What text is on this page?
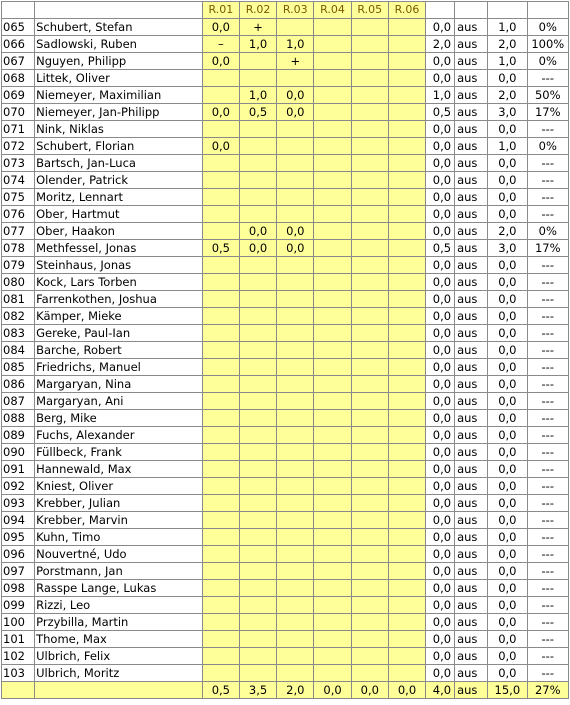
		R.01	R.02	R.03	R.04	R.05	R.06				
065	Schubert, Stefan	0,0	+					0,0	aus	1,0	0%
066	Sadlowski, Ruben	–	1,0	1,0				2,0	aus	2,0	100%
067	Nguyen, Philipp	0,0		+				0,0	aus	1,0	0%
068	Littek, Oliver							0,0	aus	0,0	---
069	Niemeyer, Maximilian		1,0	0,0				1,0	aus	2,0	50%
070	Niemeyer, Jan-Philipp	0,0	0,5	0,0				0,5	aus	3,0	17%
071	Nink, Niklas							0,0	aus	0,0	---
072	Schubert, Florian	0,0						0,0	aus	1,0	0%
073	Bartsch, Jan-Luca							0,0	aus	0,0	---
074	Olender, Patrick							0,0	aus	0,0	---
075	Moritz, Lennart							0,0	aus	0,0	---
076	Ober, Hartmut							0,0	aus	0,0	---
077	Ober, Haakon		0,0	0,0				0,0	aus	2,0	0%
078	Methfessel, Jonas	0,5	0,0	0,0				0,5	aus	3,0	17%
079	Steinhaus, Jonas							0,0	aus	0,0	---
080	Kock, Lars Torben							0,0	aus	0,0	---
081	Farrenkothen, Joshua							0,0	aus	0,0	---
082	Kämper, Mieke							0,0	aus	0,0	---
083	Gereke, Paul-Ian							0,0	aus	0,0	---
084	Barche, Robert							0,0	aus	0,0	---
085	Friedrichs, Manuel							0,0	aus	0,0	---
086	Margaryan, Nina							0,0	aus	0,0	---
087	Margaryan, Ani							0,0	aus	0,0	---
088	Berg, Mike							0,0	aus	0,0	---
089	Fuchs, Alexander							0,0	aus	0,0	---
090	Füllbeck, Frank							0,0	aus	0,0	---
091	Hannewald, Max							0,0	aus	0,0	---
092	Kniest, Oliver							0,0	aus	0,0	---
093	Krebber, Julian							0,0	aus	0,0	---
094	Krebber, Marvin							0,0	aus	0,0	---
095	Kuhn, Timo							0,0	aus	0,0	---
096	Nouvertné, Udo							0,0	aus	0,0	---
097	Porstmann, Jan							0,0	aus	0,0	---
098	Rasspe Lange, Lukas							0,0	aus	0,0	---
099	Rizzi, Leo							0,0	aus	0,0	---
100	Przybilla, Martin							0,0	aus	0,0	---
101	Thome, Max							0,0	aus	0,0	---
102	Ulbrich, Felix							0,0	aus	0,0	---
103	Ulbrich, Moritz							0,0	aus	0,0	---
		0,5	3,5	2,0	0,0	0,0	0,0	4,0	aus	15,0	27%
